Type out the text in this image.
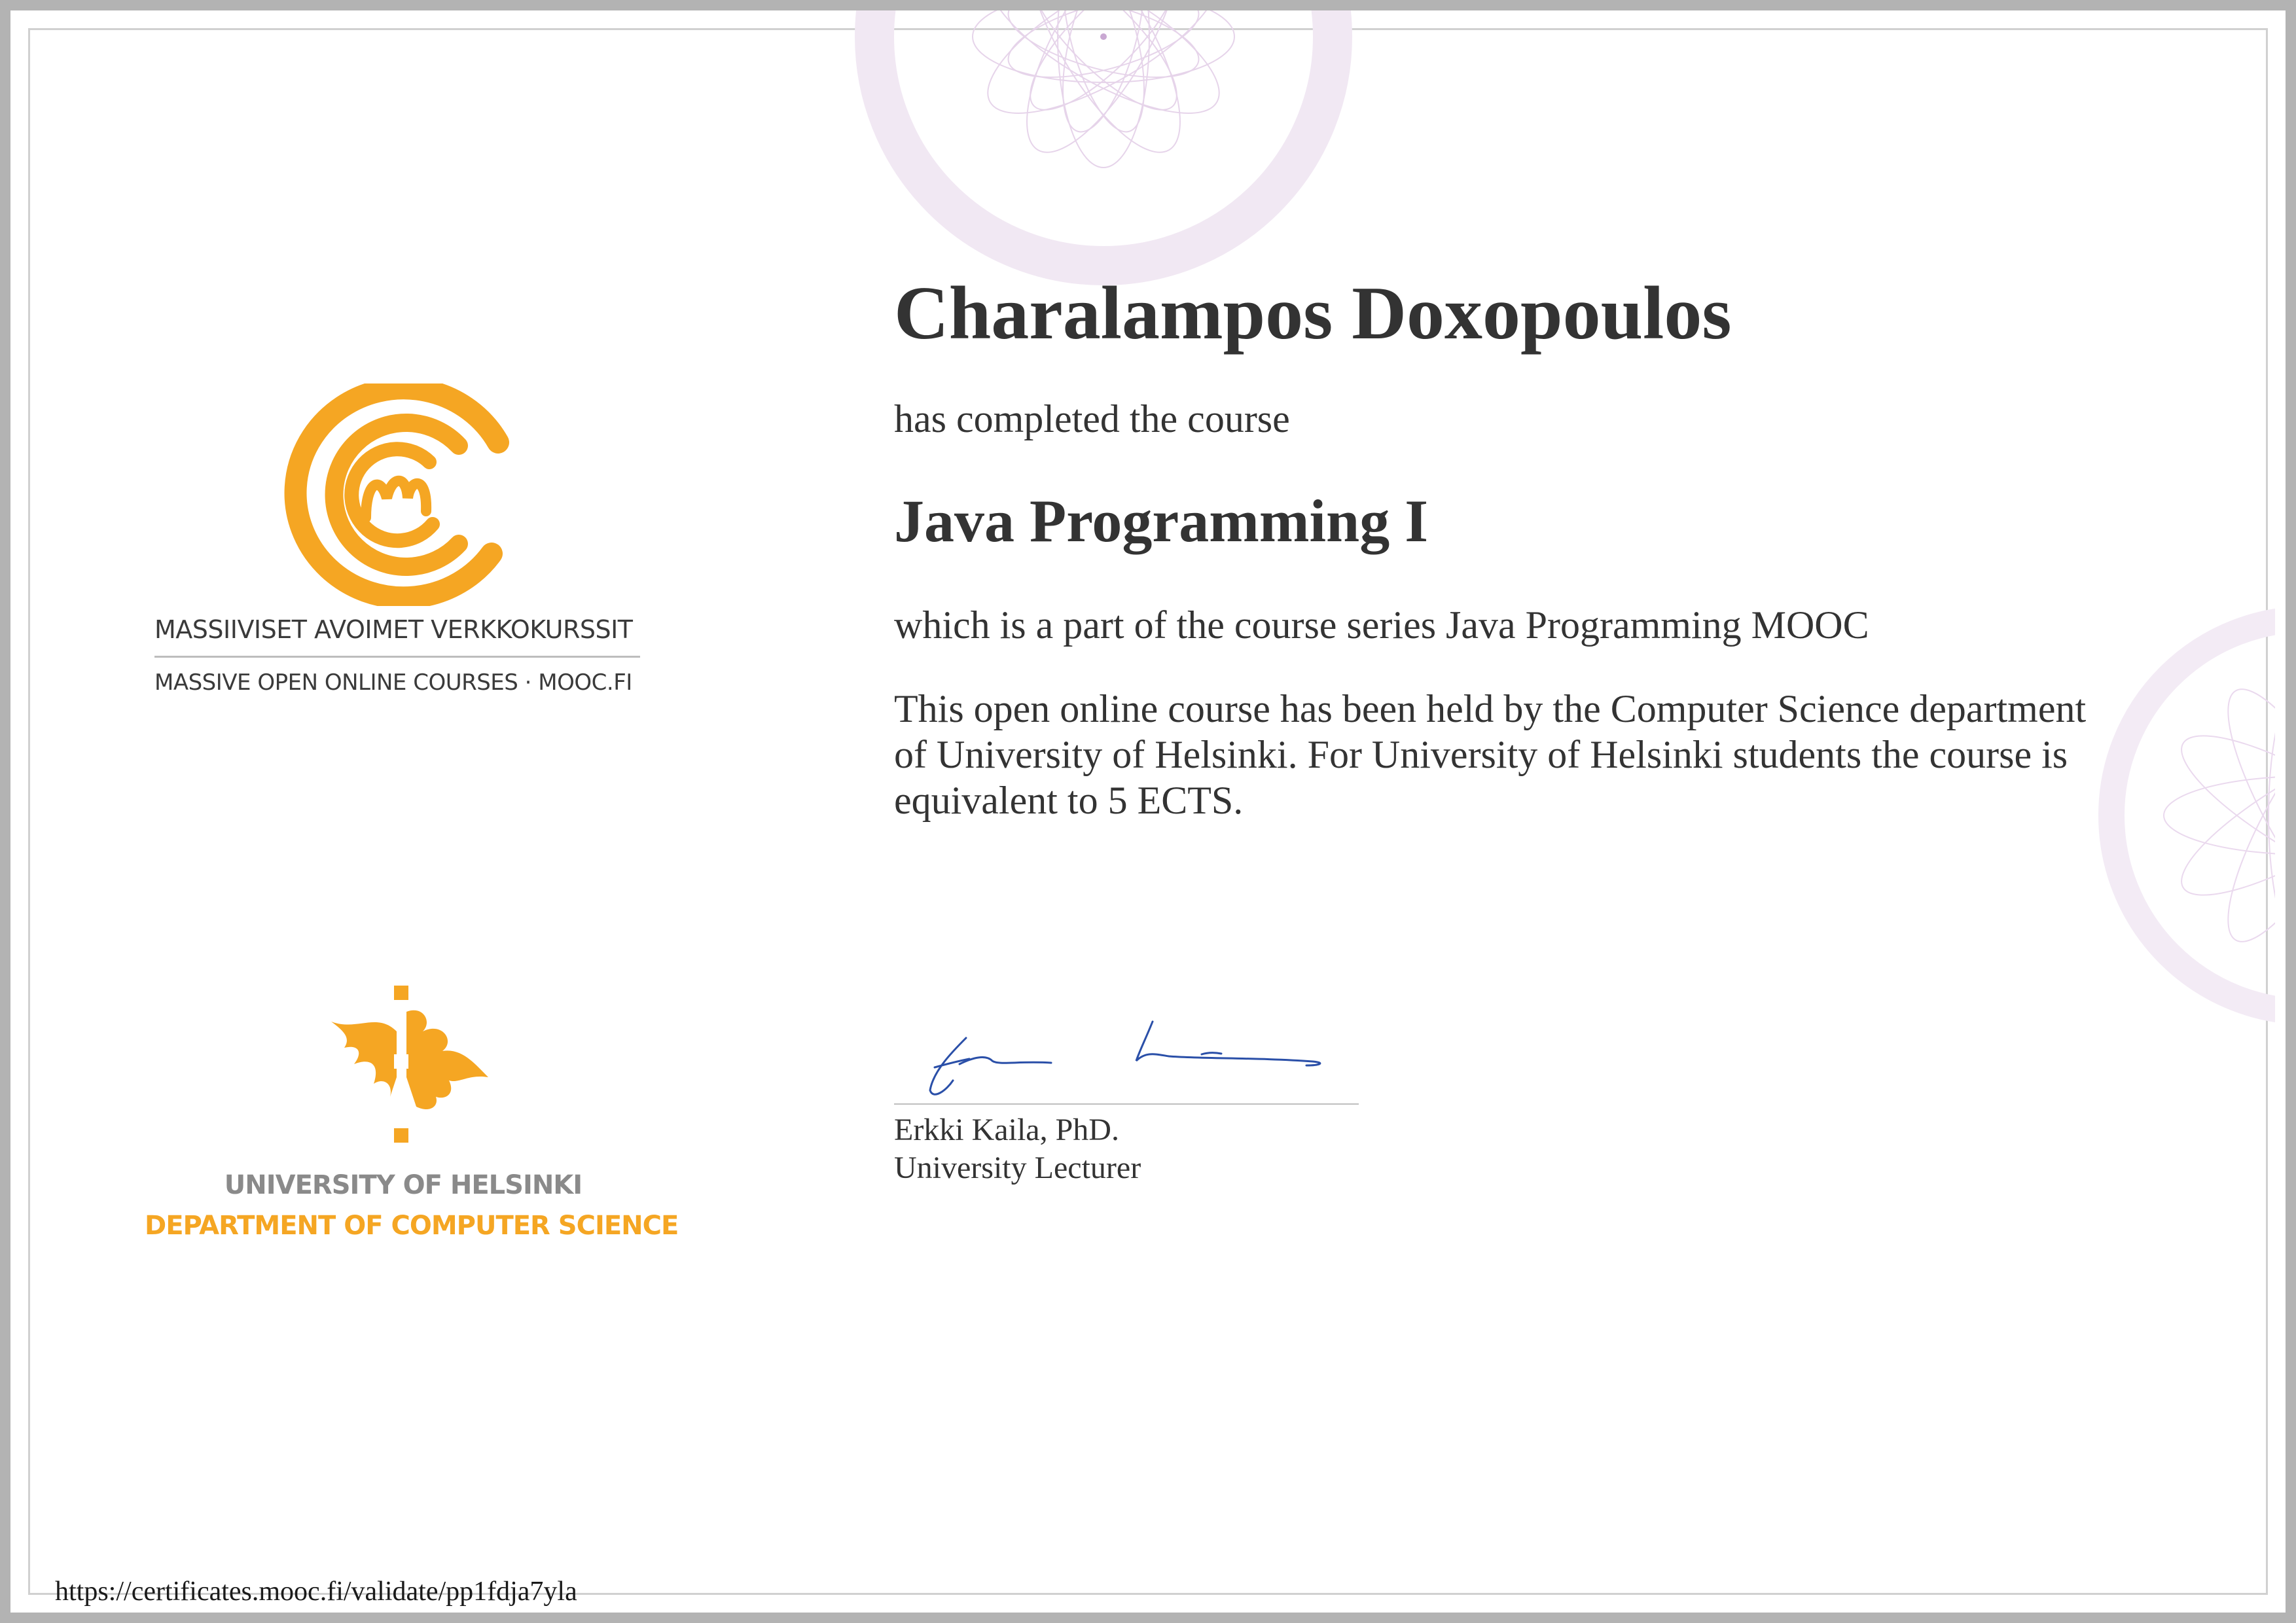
MASSIIVISET AVOIMET VERKKOKURSSIT
MASSIVE OPEN ONLINE COURSES · MOOC.FI
UNIVERSITY OF HELSINKI
DEPARTMENT OF COMPUTER SCIENCE
Charalampos Doxopoulos
has completed the course
Java Programming I
which is a part of the course series Java Programming MOOC
This open online course has been held by the Computer Science department of University of Helsinki. For University of Helsinki students the course is equivalent to 5 ECTS.
Erkki Kaila, PhD.
University Lecturer
https://certificates.mooc.fi/validate/pp1fdja7yla
